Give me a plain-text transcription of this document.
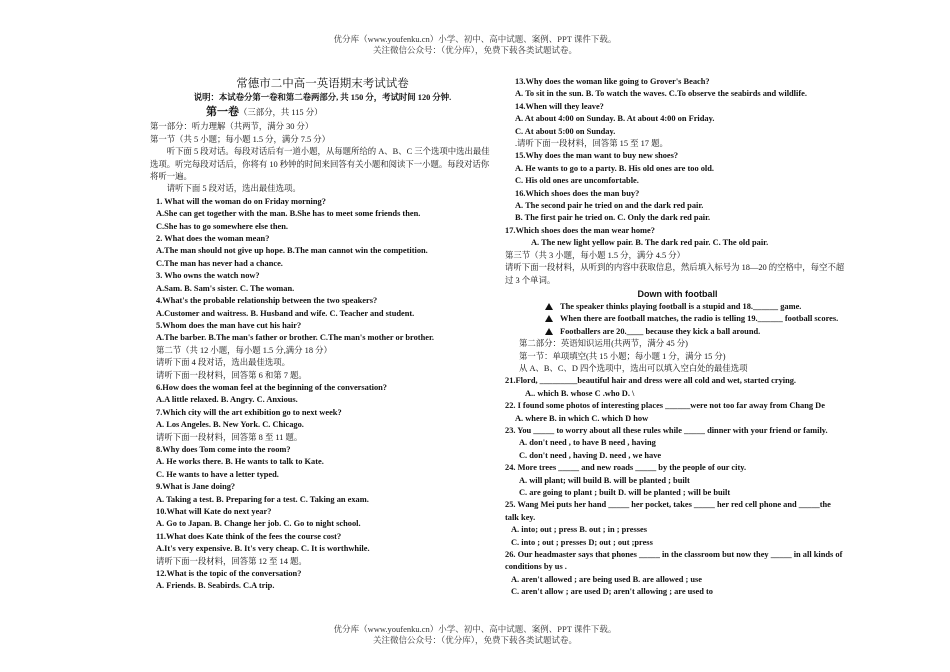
优分库（www.youfenku.cn）小学、初中、高中试题、案例、PPT 课件下载。
关注微信公众号：（优分库），免费下载各类试题试卷。
常德市二中高一英语期末考试试卷
说明：本试卷分第一卷和第二卷两部分, 共 150 分，考试时间 120 分钟.
第一卷（三部分，共 115 分）
第一部分：听力理解（共两节，满分 30 分）
第一节（共 5 小题；每小题 1.5 分，满分 7.5 分）
　　听下面 5 段对话。每段对话后有一道小题，从每题所给的 A、B、C 三个选项中选出最佳
选项。听完每段对话后，你将有 10 秒钟的时间来回答有关小题和阅读下一小题。每段对话你
将听一遍。
　　请听下面 5 段对话，选出最佳选项。
1. What will the woman do on Friday morning?
A.She can get together with the man. B.She has to meet some friends then.
C.She has to go somewhere else then.
2. What does the woman mean?
A.The man should not give up hope. B.The man cannot win the competition.
C.The man has never had a chance.
3. Who owns the watch now?
A.Sam. B. Sam's sister. C. The woman.
4.What's the probable relationship between the two speakers?
A.Customer and waitress. B. Husband and wife. C. Teacher and student.
5.Whom does the man have cut his hair?
A.The barber. B.The man's father or brother. C.The man's mother or brother.
第二节（共 12 小题，每小题 1.5 分,满分 18 分）
请听下面 4 段对话，选出最佳选项。
请听下面一段材料，回答第 6 和第 7 题。
6.How does the woman feel at the beginning of the conversation?
A.A little relaxed. B. Angry. C. Anxious.
7.Which city will the art exhibition go to next week?
A. Los Angeles. B. New York. C. Chicago.
请听下面一段材料，回答第 8 至 11 题。
8.Why does Tom come into the room?
A. He works there. B. He wants to talk to Kate.
C. He wants to have a letter typed.
9.What is Jane doing?
A. Taking a test. B. Preparing for a test. C. Taking an exam.
10.What will Kate do next year?
A. Go to Japan. B. Change her job. C. Go to night school.
11.What does Kate think of the fees the course cost?
A.It's very expensive. B. It's very cheap. C. It is worthwhile.
请听下面一段材料，回答第 12 至 14 题。
12.What is the topic of the conversation?
A. Friends. B. Seabirds. C.A trip.
13.Why does the woman like going to Grover's Beach?
A. To sit in the sun. B. To watch the waves. C.To observe the seabirds and wildlife.
14.When will they leave?
A. At about 4:00 on Sunday. B. At about 4:00 on Friday.
C. At about 5:00 on Sunday.
.请听下面一段材料，回答第 15 至 17 题。
15.Why does the man want to buy new shoes?
A. He wants to go to a party. B. His old ones are too old.
C. His old ones are uncomfortable.
16.Which shoes does the man buy?
A. The second pair he tried on and the dark red pair.
B. The first pair he tried on. C. Only the dark red pair.
17.Which shoes does the man wear home?
A. The new light yellow pair. B. The dark red pair. C. The old pair.
第三节（共 3 小题，每小题 1.5 分，满分 4.5 分）
请听下面一段材料，从听到的内容中获取信息，然后填入标号为 18—20 的空格中，每空不超
过 3 个单词。
Down with football
The speaker thinks playing football is a stupid and 18.______ game.
When there are football matches, the radio is telling 19.______ football scores.
Footballers are 20.____ because they kick a ball around.
第二部分：英语知识运用(共两节，满分 45 分)
第一节：单项填空(共 15 小题；每小题 1 分，满分 15 分)
从 A、B、C、D 四个选项中，选出可以填入空白处的最佳选项
21.Flord, _________beautiful hair and dress were all cold and wet, started crying.
A.. which B. whose C .who D. \
22. I found some photos of interesting places ______were not too far away from Chang De
A. where B. in which C. which D how
23. You _____ to worry about all these rules while _____ dinner with your friend or family.
A. don't need , to have B need , having
C. don't need , having D. need , we have
24. More trees _____ and new roads _____ by the people of our city.
A. will plant; will build B. will be planted ; built
C. are going to plant ; built D. will be planted ; will be built
25. Wang Mei puts her hand _____ her pocket, takes _____ her red cell phone and _____the
talk key.
A. into; out ; press B. out ; in ; presses
C. into ; out ; presses D; out ; out ;press
26. Our headmaster says that phones _____ in the classroom but now they _____ in all kinds of
conditions by us .
A. aren't allowed ; are being used B. are allowed ; use
C. aren't allow ; are used D; aren't allowing ; are used to
优分库（www.youfenku.cn）小学、初中、高中试题、案例、PPT 课件下载。
关注微信公众号：（优分库），免费下载各类试题试卷。
